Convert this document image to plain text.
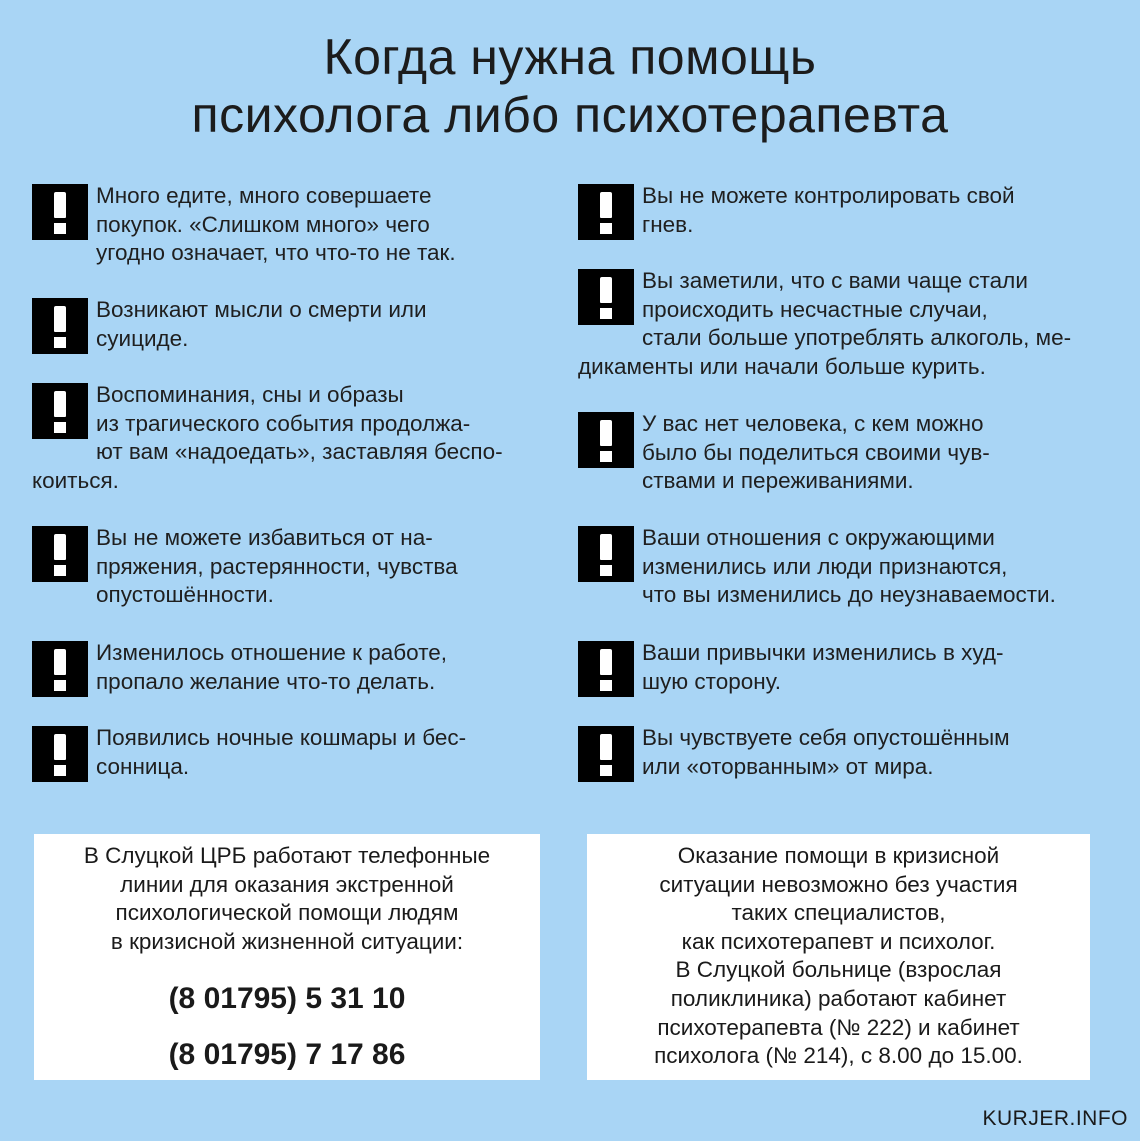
Когда нужна помощь
психолога либо психотерапевта
Много едите, много совершаете
покупок. «Слишком много» чего
угодно означает, что что-то не так.
Возникают мысли о смерти или
суициде.
Воспоминания, сны и образы
из трагического события продолжа-
ют вам «надоедать», заставляя беспо-
коиться.
Вы не можете избавиться от на-
пряжения, растерянности, чувства
опустошённости.
Изменилось отношение к работе,
пропало желание что-то делать.
Появились ночные кошмары и бес-
сонница.
Вы не можете контролировать свой
гнев.
Вы заметили, что с вами чаще стали
происходить несчастные случаи,
стали больше употреблять алкоголь, ме-
дикаменты или начали больше курить.
У вас нет человека, с кем можно
было бы поделиться своими чув-
ствами и переживаниями.
Ваши отношения с окружающими
изменились или люди признаются,
что вы изменились до неузнаваемости.
Ваши привычки изменились в худ-
шую сторону.
Вы чувствуете себя опустошённым
или «оторванным» от мира.
В Слуцкой ЦРБ работают телефонные
линии для оказания экстренной
психологической помощи людям
в кризисной жизненной ситуации:
(8 01795) 5 31 10
(8 01795) 7 17 86
Оказание помощи в кризисной
ситуации невозможно без участия
таких специалистов,
как психотерапевт и психолог.
В Слуцкой больнице (взрослая
поликлиника) работают кабинет
психотерапевта (№ 222) и кабинет
психолога (№ 214), с 8.00 до 15.00.
KURJER.INFO
